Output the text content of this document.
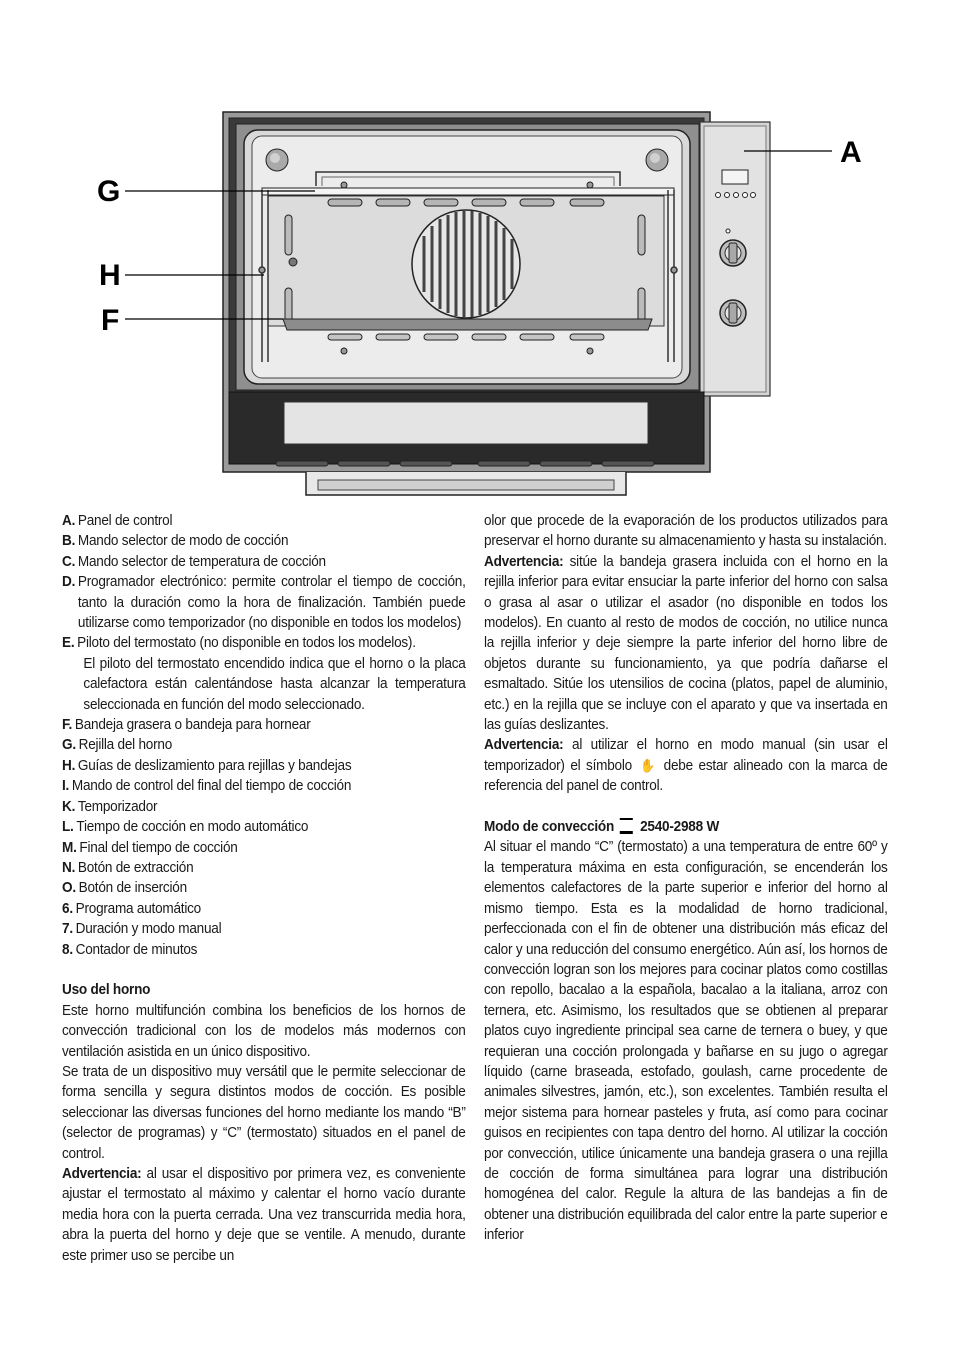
A
G
H
F
A. Panel de control
B. Mando selector de modo de cocción
C. Mando selector de temperatura de cocción
D. Programador electrónico: permite controlar el tiempo de cocción, tanto la duración como la hora de finalización. También puede utilizarse como temporizador (no disponible en todos los modelos)
E. Piloto del termostato (no disponible en todos los modelos).
El piloto del termostato encendido indica que el horno o la placa calefactora están calentándose hasta alcanzar la temperatura seleccionada en función del modo seleccionado.
F. Bandeja grasera o bandeja para hornear
G. Rejilla del horno
H. Guías de deslizamiento para rejillas y bandejas
I. Mando de control del final del tiempo de cocción
K. Temporizador
L. Tiempo de cocción en modo automático
M. Final del tiempo de cocción
N. Botón de extracción
O. Botón de inserción
6. Programa automático
7. Duración y modo manual
8. Contador de minutos

Uso del horno

Este horno multifunción combina los beneficios de los hornos de convección tradicional con los de modelos más modernos con ventilación asistida en un único dispositivo.

Se trata de un dispositivo muy versátil que le permite seleccionar de forma sencilla y segura distintos modos de cocción. Es posible seleccionar las diversas funciones del horno mediante los mando “B” (selector de programas) y “C” (termostato) situados en el panel de control.

Advertencia: al usar el dispositivo por primera vez, es conveniente ajustar el termostato al máximo y calentar el horno vacío durante media hora con la puerta cerrada. Una vez transcurrida media hora, abra la puerta del horno y deje que se ventile. A menudo, durante este primer uso se percibe un

olor que procede de la evaporación de los productos utilizados para preservar el horno durante su almacenamiento y hasta su instalación.

Advertencia: sitúe la bandeja grasera incluida con el horno en la rejilla inferior para evitar ensuciar la parte inferior del horno con salsa o grasa al asar o utilizar el asador (no disponible en todos los modelos). En cuanto al resto de modos de cocción, no utilice nunca la rejilla inferior y deje siempre la parte inferior del horno libre de objetos durante su funcionamiento, ya que podría dañarse el esmaltado. Sitúe los utensilios de cocina (platos, papel de aluminio, etc.) en la rejilla que se incluye con el aparato y que va insertada en las guías deslizantes.

Advertencia: al utilizar el horno en modo manual (sin usar el temporizador) el símbolo ✋ debe estar alineado con la marca de referencia del panel de control.

Modo de convección 2540-2988 W

Al situar el mando “C” (termostato) a una temperatura de entre 60º y la temperatura máxima en esta configuración, se encenderán los elementos calefactores de la parte superior e inferior del horno al mismo tiempo. Esta es la modalidad de horno tradicional, perfeccionada con el fin de obtener una distribución más eficaz del calor y una reducción del consumo energético. Aún así, los hornos de convección logran son los mejores para cocinar platos como costillas con repollo, bacalao a la española, bacalao a la italiana, arroz con ternera, etc. Asimismo, los resultados que se obtienen al preparar platos cuyo ingrediente principal sea carne de ternera o buey, y que requieran una cocción prolongada y bañarse en su jugo o agregar líquido (carne braseada, estofado, goulash, carne procedente de animales silvestres, jamón, etc.), son excelentes. También resulta el mejor sistema para hornear pasteles y fruta, así como para cocinar guisos en recipientes con tapa dentro del horno. Al utilizar la cocción por convección, utilice únicamente una bandeja grasera o una rejilla de cocción de forma simultánea para lograr una distribución homogénea del calor. Regule la altura de las bandejas a fin de obtener una distribución equilibrada del calor entre la parte superior e inferior
